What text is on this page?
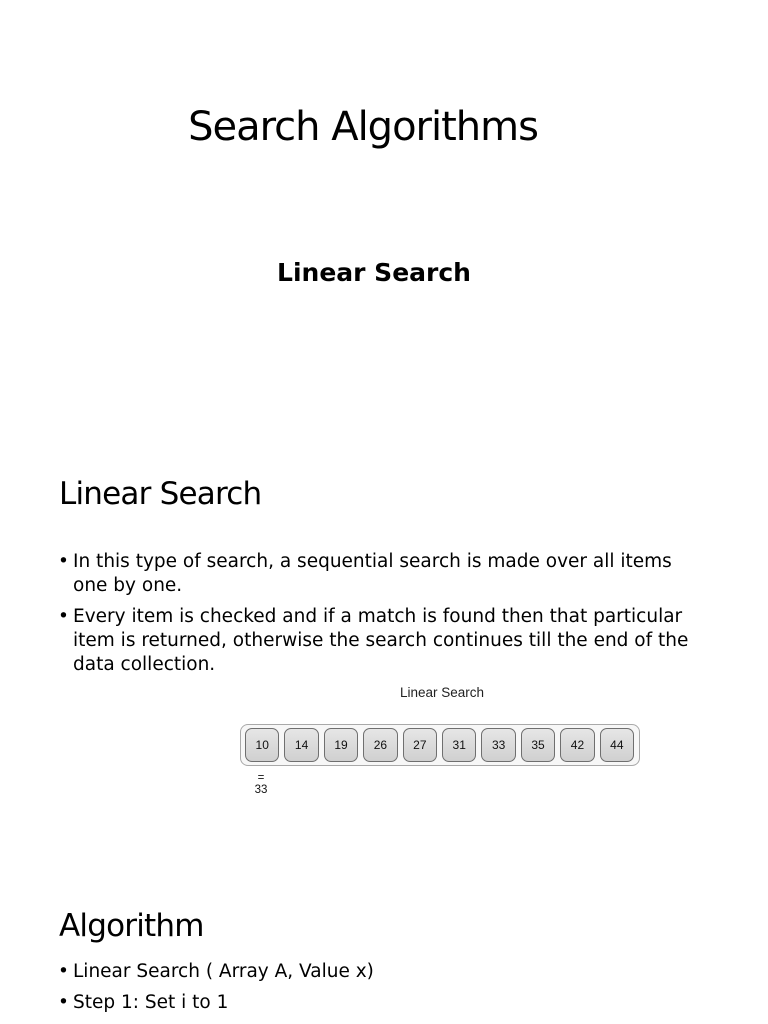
Search Algorithms
Linear Search
Linear Search
• In this type of search, a sequential search is made over all items one by one.
• Every item is checked and if a match is found then that particular item is returned, otherwise the search continues till the end of the data collection.
Linear Search
10	14	19	26	27	31	33	35	42	44
=
33
Algorithm
• Linear Search ( Array A, Value x)
• Step 1: Set i to 1
